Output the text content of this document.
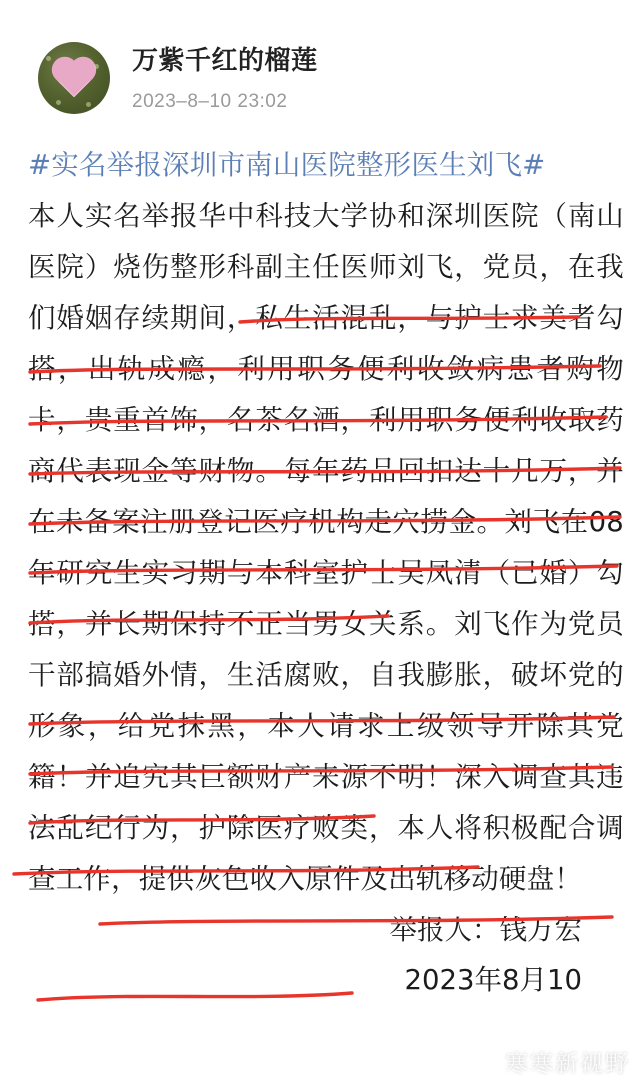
万紫千红的榴莲
2023–8–10 23:02
#实名举报深圳市南山医院整形医生刘飞#
本人实名举报华中科技大学协和深圳医院（南山医院）烧伤整形科副主任医师刘飞，党员，在我们婚姻存续期间，私生活混乱，与护士求美者勾搭，出轨成瘾，利用职务便利收敛病患者购物卡，贵重首饰，名茶名酒，利用职务便利收取药商代表现金等财物。每年药品回扣达十几万，并在未备案注册登记医疗机构走穴捞金。刘飞在08年研究生实习期与本科室护士吴凤清（已婚）勾搭，并长期保持不正当男女关系。刘飞作为党员干部搞婚外情，生活腐败，自我膨胀，破坏党的形象，给党抹黑，本人请求上级领导开除其党籍！并追究其巨额财产来源不明！深入调查其违法乱纪行为，护除医疗败类，本人将积极配合调查工作，提供灰色收入原件及出轨移动硬盘！
举报人：钱万宏
2023年8月10
寒寒新视野
